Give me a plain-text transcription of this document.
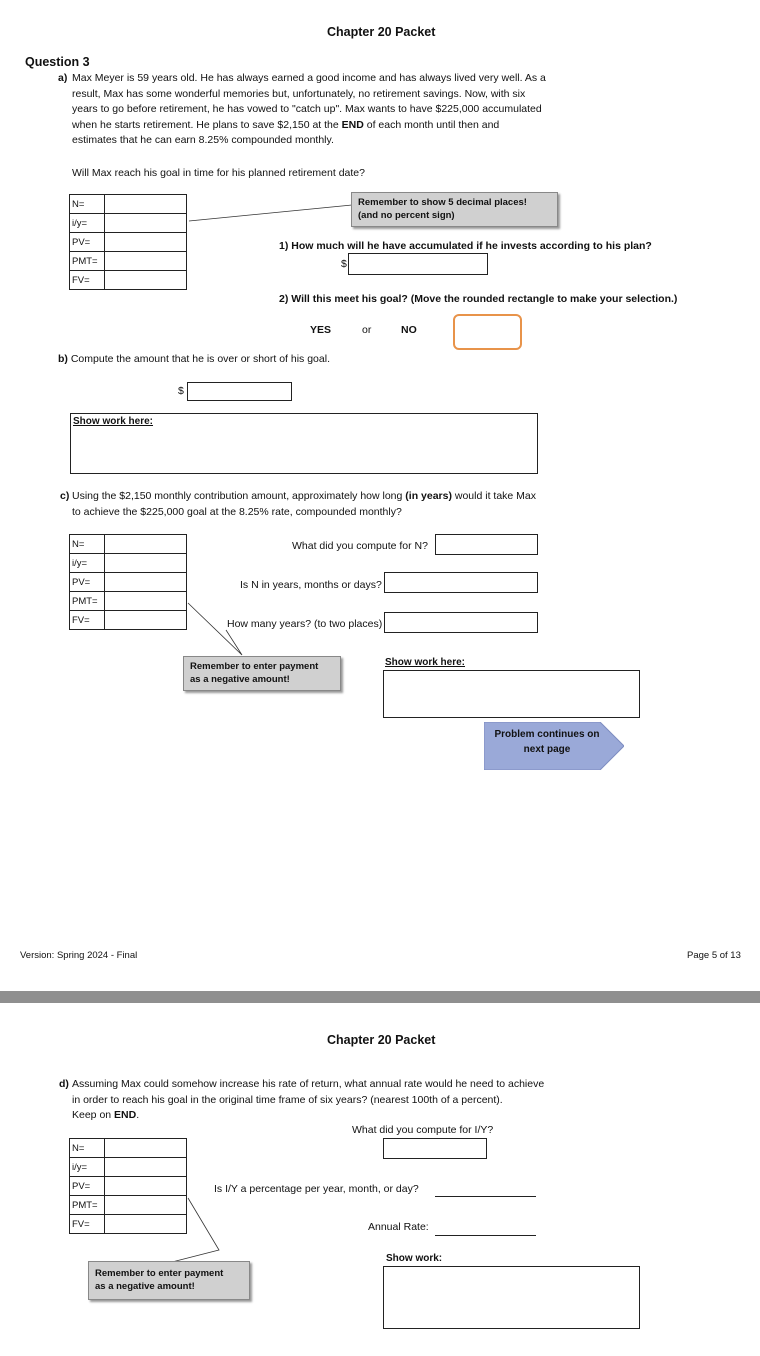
Chapter 20 Packet
Question 3
a) Max Meyer is 59 years old. He has always earned a good income and has always lived very well. As a
result, Max has some wonderful memories but, unfortunately, no retirement savings. Now, with six
years to go before retirement, he has vowed to "catch up". Max wants to have $225,000 accumulated
when he starts retirement. He plans to save $2,150 at the END of each month until then and
estimates that he can earn 8.25% compounded monthly.
Will Max reach his goal in time for his planned retirement date?
N=	
i/y=	
PV=	
PMT=	
FV=	
Remember to show 5 decimal places!
(and no percent sign)
1) How much will he have accumulated if he invests according to his plan?
$
2) Will this meet his goal? (Move the rounded rectangle to make your selection.)
YES	or	NO
b) Compute the amount that he is over or short of his goal.
$
Show work here:
c) Using the $2,150 monthly contribution amount, approximately how long (in years) would it take Max
to achieve the $225,000 goal at the 8.25% rate, compounded monthly?
N=	
i/y=	
PV=	
PMT=	
FV=	
What did you compute for N?
Is N in years, months or days?
How many years? (to two places)
Remember to enter payment
as a negative amount!
Show work here:
Problem continues on
next page
Version: Spring 2024 - Final	Page 5 of 13
Chapter 20 Packet
d) Assuming Max could somehow increase his rate of return, what annual rate would he need to achieve
in order to reach his goal in the original time frame of six years? (nearest 100th of a percent).
Keep on END.
N=	
i/y=	
PV=	
PMT=	
FV=	
What did you compute for I/Y?
Is I/Y a percentage per year, month, or day?
Annual Rate:
Show work:
Remember to enter payment
as a negative amount!
